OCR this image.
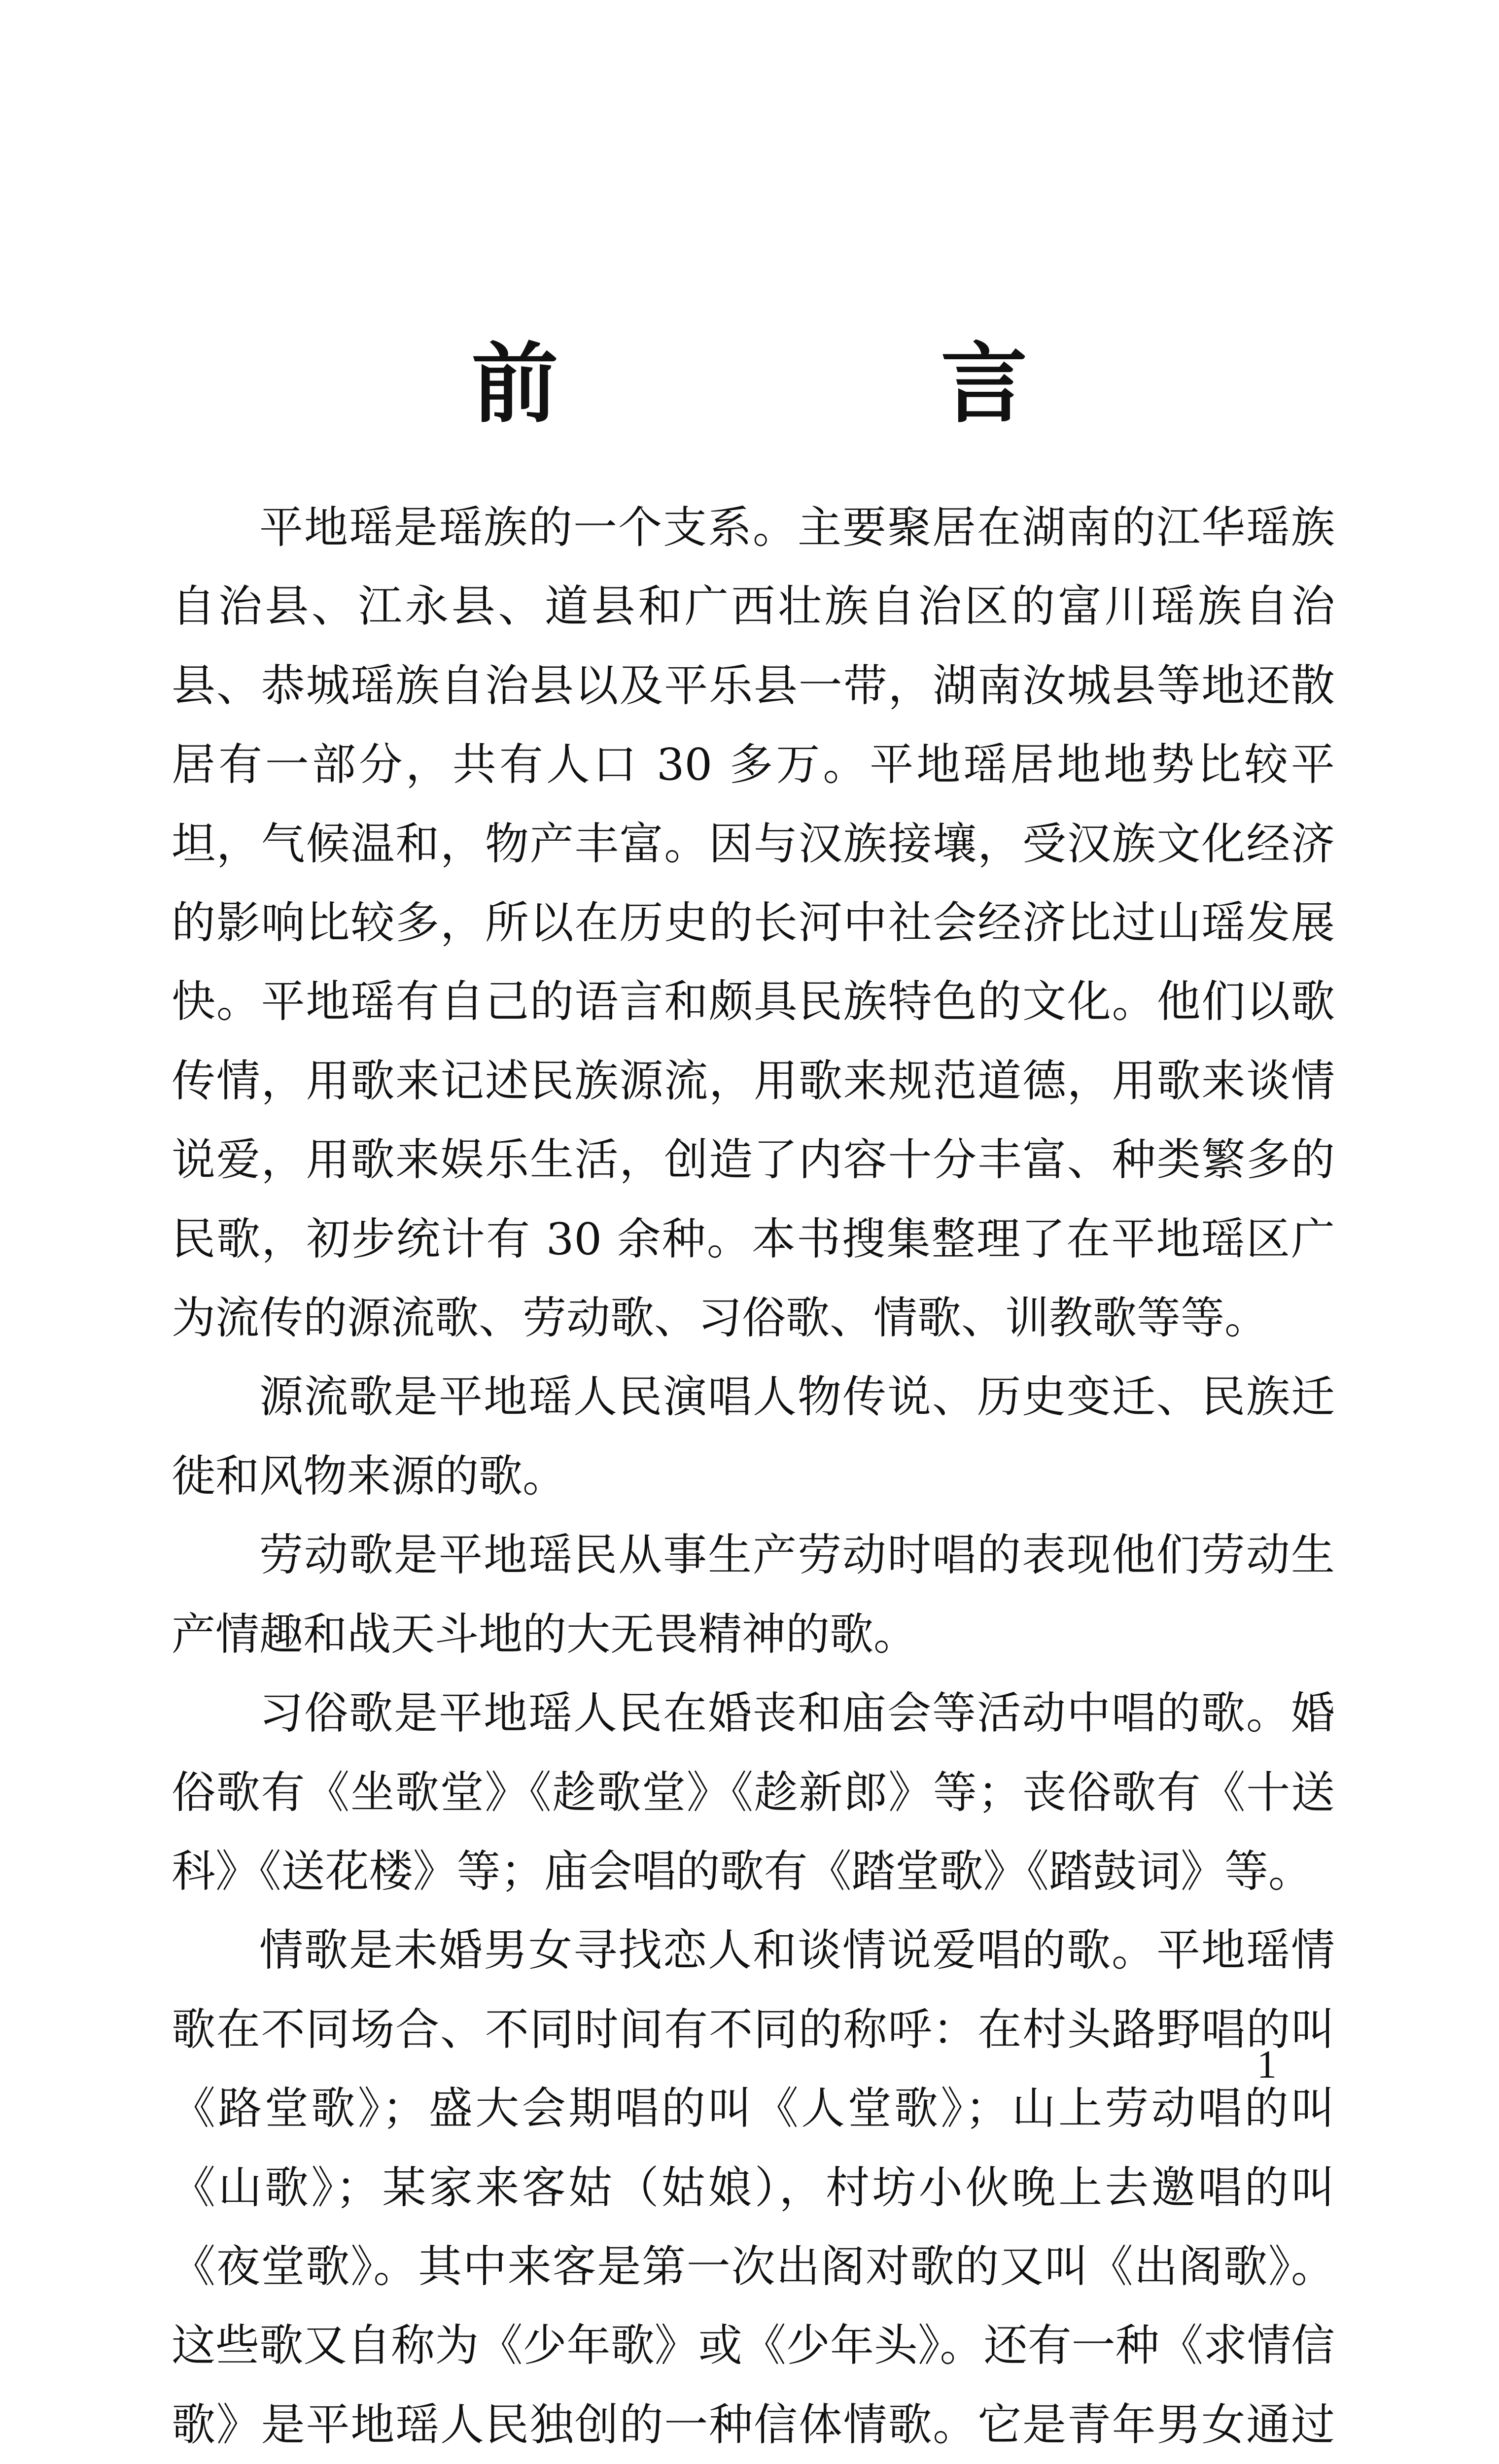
前　言

平地瑶是瑶族的一个支系。主要聚居在湖南的江华瑶族自治县、江永县、道县和广西壮族自治区的富川瑶族自治县、恭城瑶族自治县以及平乐县一带，湖南汝城县等地还散居有一部分，共有人口 30 多万。平地瑶居地地势比较平坦，气候温和，物产丰富。因与汉族接壤，受汉族文化经济的影响比较多，所以在历史的长河中社会经济比过山瑶发展快。平地瑶有自己的语言和颇具民族特色的文化。他们以歌传情，用歌来记述民族源流，用歌来规范道德，用歌来谈情说爱，用歌来娱乐生活，创造了内容十分丰富、种类繁多的民歌，初步统计有 30 余种。本书搜集整理了在平地瑶区广为流传的源流歌、劳动歌、习俗歌、情歌、训教歌等等。

源流歌是平地瑶人民演唱人物传说、历史变迁、民族迁徙和风物来源的歌。

劳动歌是平地瑶民从事生产劳动时唱的表现他们劳动生产情趣和战天斗地的大无畏精神的歌。

习俗歌是平地瑶人民在婚丧和庙会等活动中唱的歌。婚俗歌有《坐歌堂》《趁歌堂》《趁新郎》等；丧俗歌有《十送科》《送花楼》等；庙会唱的歌有《踏堂歌》《踏鼓词》等。

情歌是未婚男女寻找恋人和谈情说爱唱的歌。平地瑶情歌在不同场合、不同时间有不同的称呼：在村头路野唱的叫《路堂歌》；盛大会期唱的叫《人堂歌》；山上劳动唱的叫《山歌》；某家来客姑（姑娘），村坊小伙晚上去邀唱的叫《夜堂歌》。其中来客是第一次出阁对歌的又叫《出阁歌》。这些歌又自称为《少年歌》或《少年头》。还有一种《求情信歌》是平地瑶人民独创的一种信体情歌。它是青年男女通过

1
